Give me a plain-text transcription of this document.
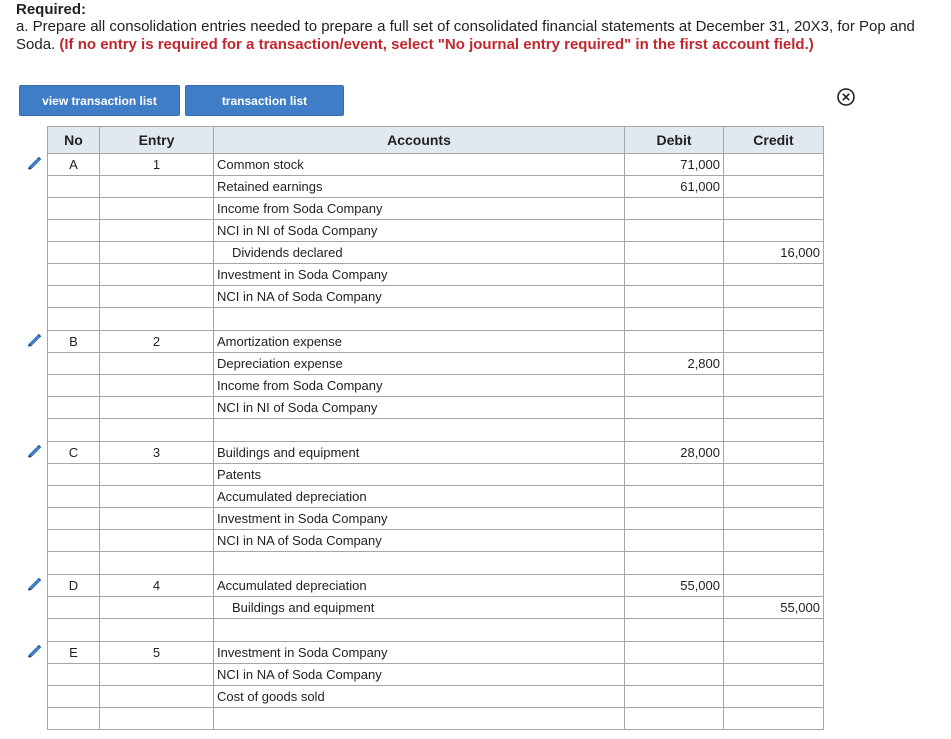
Required:
a. Prepare all consolidation entries needed to prepare a full set of consolidated financial statements at December 31, 20X3, for Pop and Soda. (If no entry is required for a transaction/event, select "No journal entry required" in the first account field.)
view transaction list	transaction list
No	Entry	Accounts	Debit	Credit
A	1	Common stock	71,000	
		Retained earnings	61,000	
		Income from Soda Company		
		NCI in NI of Soda Company		
		Dividends declared		16,000
		Investment in Soda Company		
		NCI in NA of Soda Company		

B	2	Amortization expense		
		Depreciation expense	2,800	
		Income from Soda Company		
		NCI in NI of Soda Company		

C	3	Buildings and equipment	28,000	
		Patents		
		Accumulated depreciation		
		Investment in Soda Company		
		NCI in NA of Soda Company		

D	4	Accumulated depreciation	55,000	
		Buildings and equipment		55,000

E	5	Investment in Soda Company		
		NCI in NA of Soda Company		
		Cost of goods sold		
